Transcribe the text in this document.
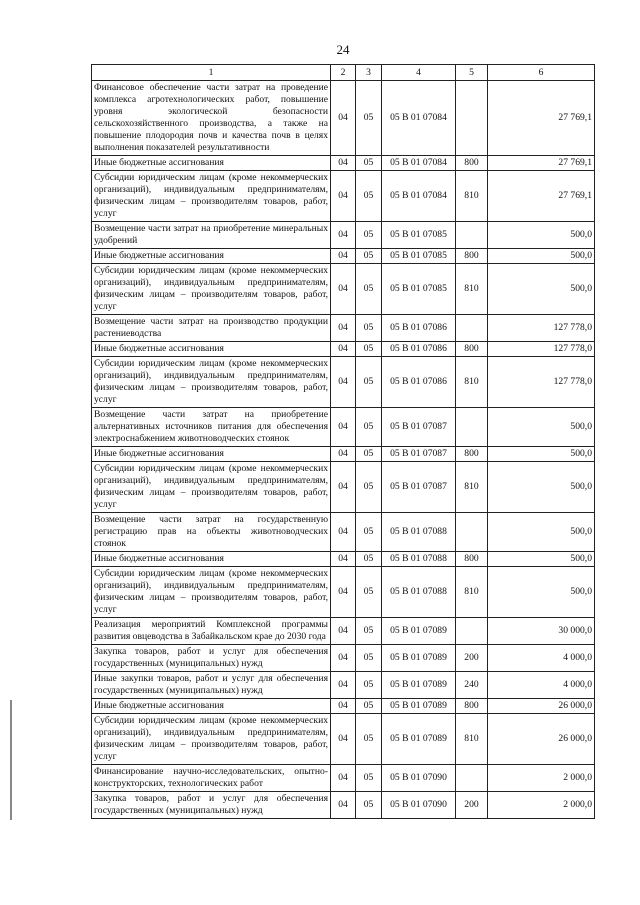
24
1	2	3	4	5	6
Финансовое обеспечение части затрат на проведение комплекса агротехнологических работ, повышение уровня экологической безопасности сельскохозяйственного производства, а также на повышение плодородия почв и качества почв в целях выполнения показателей результативности	04	05	05 В 01 07084		27 769,1
Иные бюджетные ассигнования	04	05	05 В 01 07084	800	27 769,1
Субсидии юридическим лицам (кроме некоммерческих организаций), индивидуальным предпринимателям, физическим лицам – производителям товаров, работ, услуг	04	05	05 В 01 07084	810	27 769,1
Возмещение части затрат на приобретение минеральных удобрений	04	05	05 В 01 07085		500,0
Иные бюджетные ассигнования	04	05	05 В 01 07085	800	500,0
Субсидии юридическим лицам (кроме некоммерческих организаций), индивидуальным предпринимателям, физическим лицам – производителям товаров, работ, услуг	04	05	05 В 01 07085	810	500,0
Возмещение части затрат на производство продукции растениеводства	04	05	05 В 01 07086		127 778,0
Иные бюджетные ассигнования	04	05	05 В 01 07086	800	127 778,0
Субсидии юридическим лицам (кроме некоммерческих организаций), индивидуальным предпринимателям, физическим лицам – производителям товаров, работ, услуг	04	05	05 В 01 07086	810	127 778,0
Возмещение части затрат на приобретение альтернативных источников питания для обеспечения электроснабжением животноводческих стоянок	04	05	05 В 01 07087		500,0
Иные бюджетные ассигнования	04	05	05 В 01 07087	800	500,0
Субсидии юридическим лицам (кроме некоммерческих организаций), индивидуальным предпринимателям, физическим лицам – производителям товаров, работ, услуг	04	05	05 В 01 07087	810	500,0
Возмещение части затрат на государственную регистрацию прав на объекты животноводческих стоянок	04	05	05 В 01 07088		500,0
Иные бюджетные ассигнования	04	05	05 В 01 07088	800	500,0
Субсидии юридическим лицам (кроме некоммерческих организаций), индивидуальным предпринимателям, физическим лицам – производителям товаров, работ, услуг	04	05	05 В 01 07088	810	500,0
Реализация мероприятий Комплексной программы развития овцеводства в Забайкальском крае до 2030 года	04	05	05 В 01 07089		30 000,0
Закупка товаров, работ и услуг для обеспечения государственных (муниципальных) нужд	04	05	05 В 01 07089	200	4 000,0
Иные закупки товаров, работ и услуг для обеспечения государственных (муниципальных) нужд	04	05	05 В 01 07089	240	4 000,0
Иные бюджетные ассигнования	04	05	05 В 01 07089	800	26 000,0
Субсидии юридическим лицам (кроме некоммерческих организаций), индивидуальным предпринимателям, физическим лицам – производителям товаров, работ, услуг	04	05	05 В 01 07089	810	26 000,0
Финансирование научно-исследовательских, опытно-конструкторских, технологических работ	04	05	05 В 01 07090		2 000,0
Закупка товаров, работ и услуг для обеспечения государственных (муниципальных) нужд	04	05	05 В 01 07090	200	2 000,0
